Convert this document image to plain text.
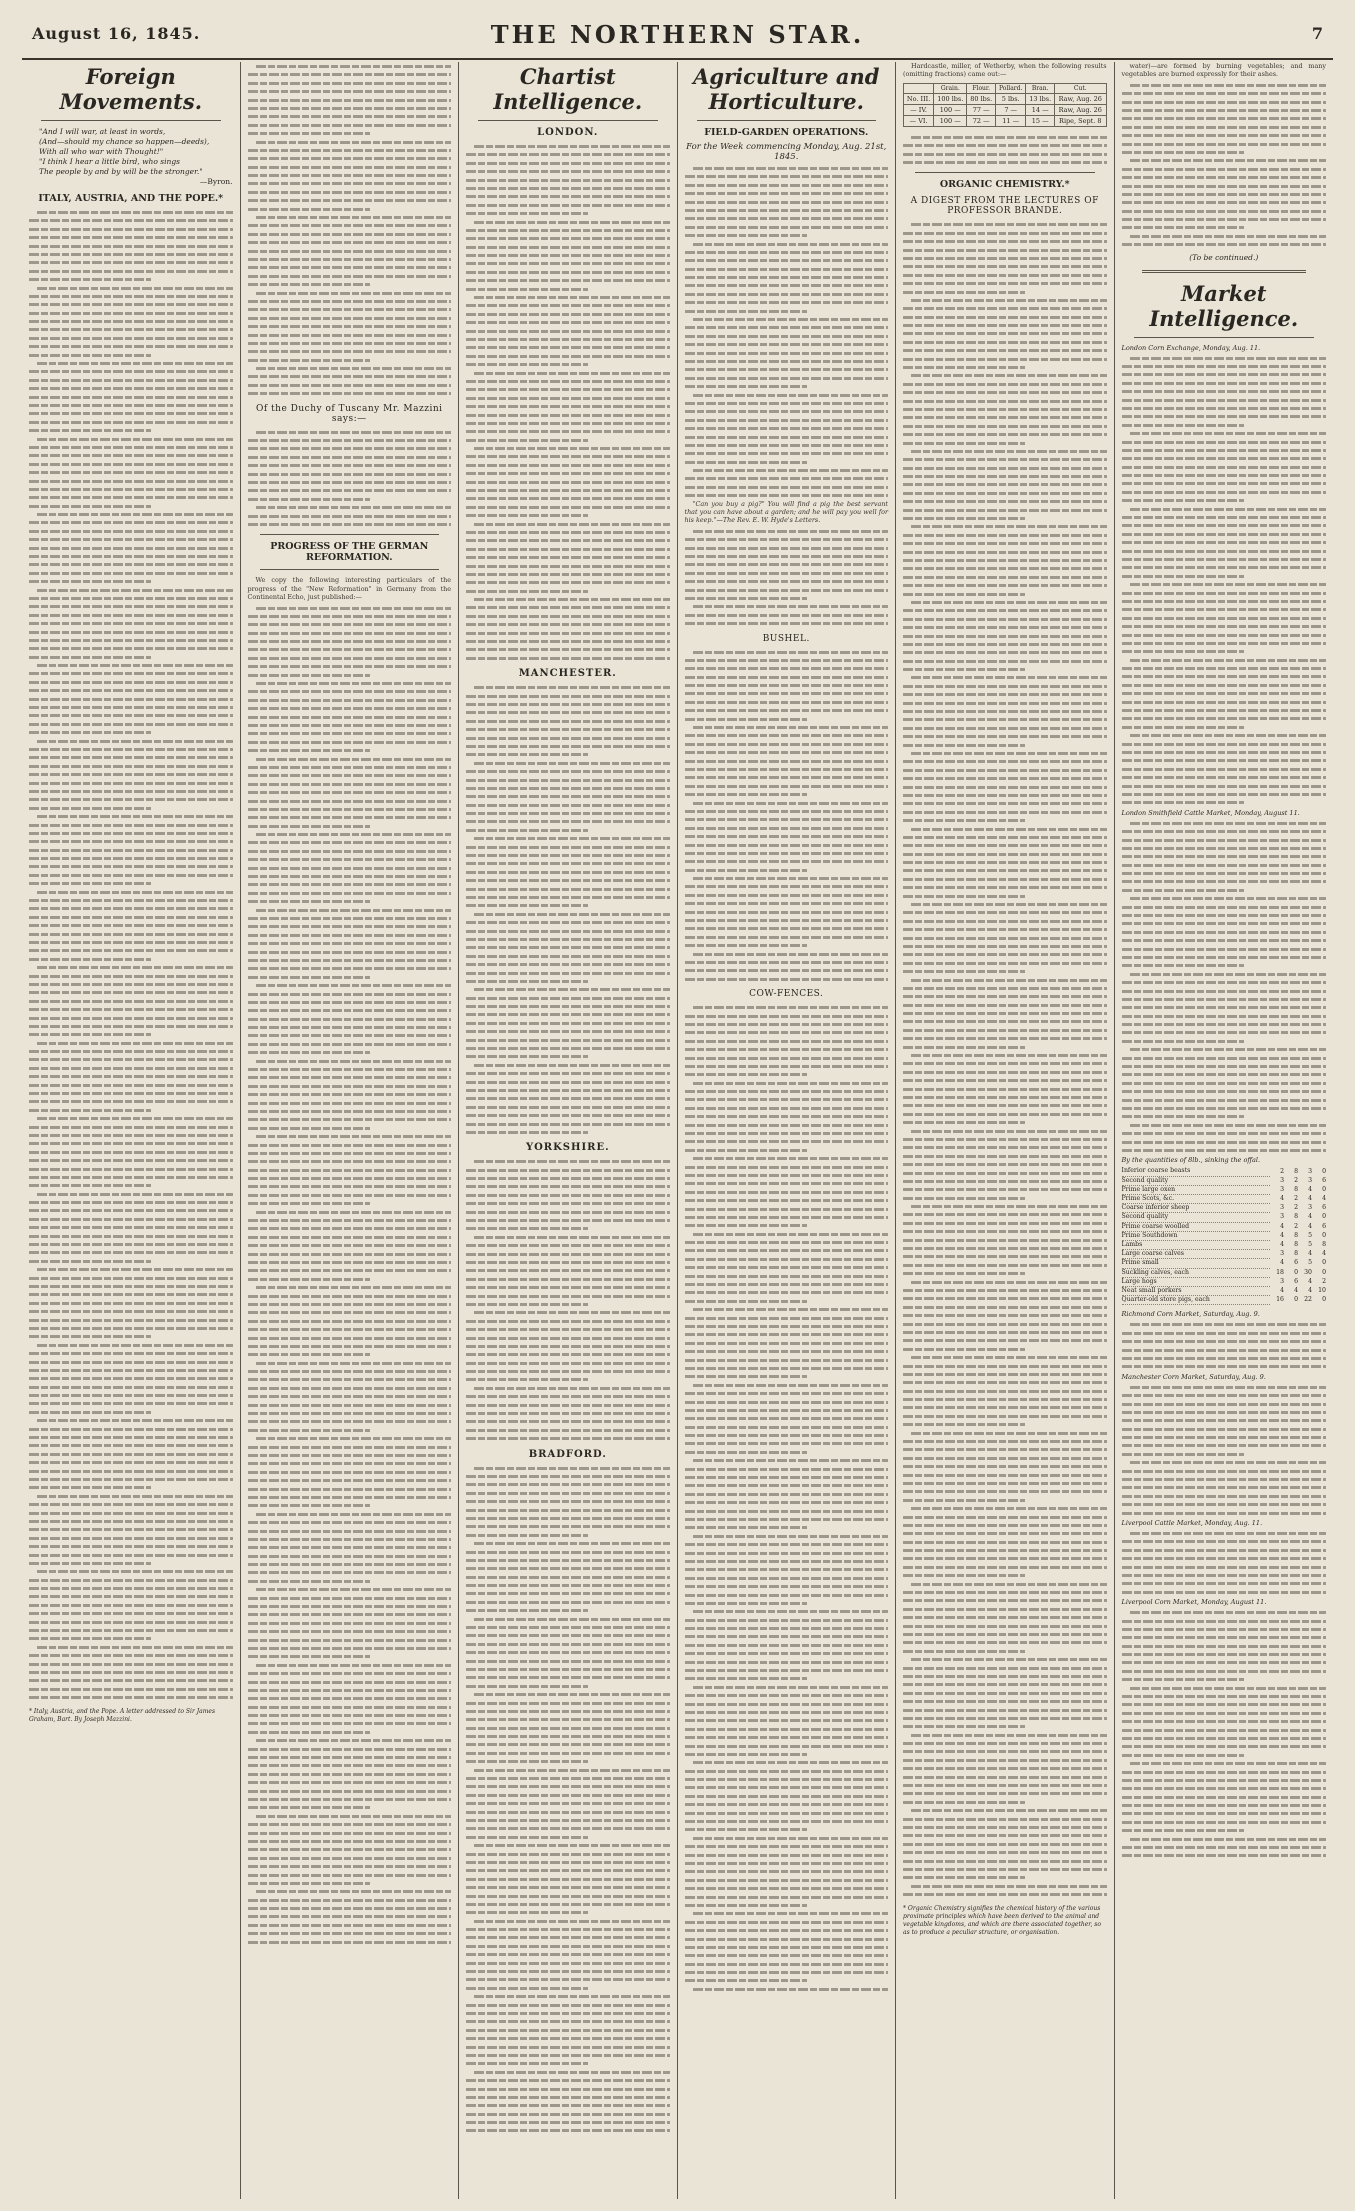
August 16, 1845.	THE NORTHERN STAR.	7
Foreign Movements.

"And I will war, at least in words,

(And—should my chance so happen—deeds),

With all who war with Thought!"

"I think I hear a little bird, who sings

The people by and by will be the stronger."

—Byron.

ITALY, AUSTRIA, AND THE POPE.*

* Italy, Austria, and the Pope. A letter addressed to Sir James Graham, Bart. By Joseph Mazzini.

Of the Duchy of Tuscany Mr. Mazzini says:—
PROGRESS OF THE GERMAN REFORMATION.

We copy the following interesting particulars of the progress of the "New Reformation" in Germany from the Continental Echo, just published:—

Chartist Intelligence.
LONDON.
MANCHESTER.
YORKSHIRE.
BRADFORD.
Agriculture and Horticulture.
FIELD-GARDEN OPERATIONS.
For the Week commencing Monday, Aug. 21st, 1845.

"Can you buy a pig?" You will find a pig the best servant that you can have about a garden; and he will pay you well for his keep."—The Rev. E. W. Hyde's Letters.

BUSHEL.
COW-FENCES.

Hardcastle, miller, of Wetherby, when the following results (omitting fractions) came out:—

	Grain.	Flour.	Pollard.	Bran.	Cut.
No. III.	100 lbs.	80 lbs.	5 lbs.	13 lbs.	Raw, Aug. 26
— IV.	100 —	77 —	7 —	14 —	Raw, Aug. 26
— VI.	100 —	72 —	11 —	15 —	Ripe, Sept. 8
ORGANIC CHEMISTRY.*
A DIGEST FROM THE LECTURES OF PROFESSOR BRANDE.

* Organic Chemistry signifies the chemical history of the various proximate principles which have been derived to the animal and vegetable kingdoms, and which are there associated together, so as to produce a peculiar structure, or organisation.

water)—are formed by burning vegetables; and many vegetables are burned expressly for their ashes.

(To be continued.)
Market Intelligence.
London Corn Exchange, Monday, Aug. 11.
London Smithfield Cattle Market, Monday, August 11.
By the quantities of 8lb., sinking the offal.
Inferior coarse beasts	2	8	3	0
Second quality	3	2	3	6
Prime large oxen	3	8	4	0
Prime Scots, &c.	4	2	4	4
Coarse inferior sheep	3	2	3	6
Second quality	3	8	4	0
Prime coarse woolled	4	2	4	6
Prime Southdown	4	8	5	0
Lambs	4	8	5	8
Large coarse calves	3	8	4	4
Prime small	4	6	5	0
Suckling calves, each	18	0	30	0
Large hogs	3	6	4	2
Neat small porkers	4	4	4	10
Quarter-old store pigs, each	16	0	22	0
Richmond Corn Market, Saturday, Aug. 9.
Manchester Corn Market, Saturday, Aug. 9.
Liverpool Cattle Market, Monday, Aug. 11.
Liverpool Corn Market, Monday, August 11.
